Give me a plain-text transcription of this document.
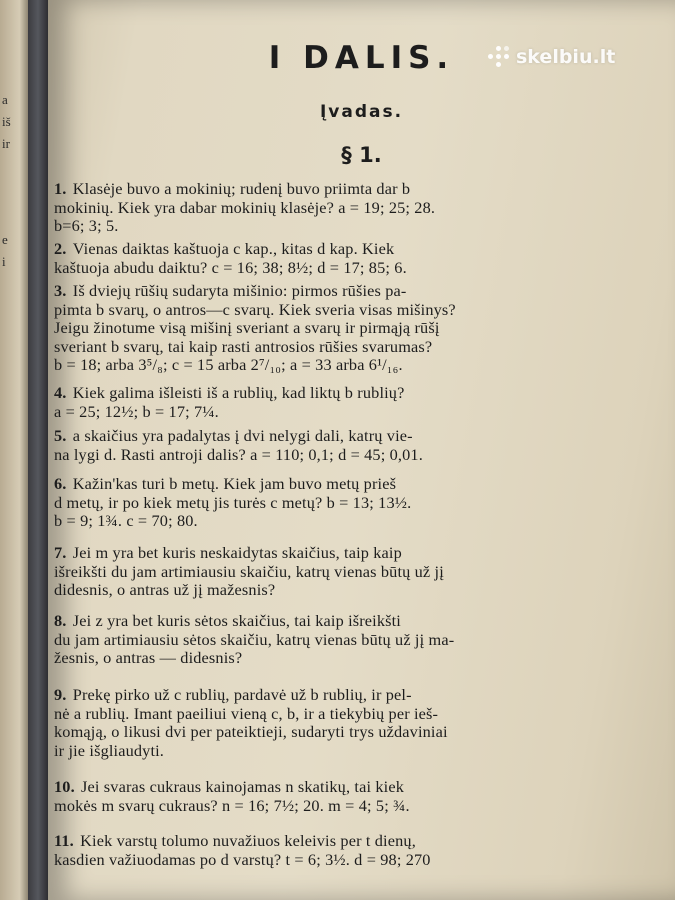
a
iš
ir
e
i
I DALIS.
Įvadas.
§ 1.
1. Klasėje buvo a mokinių; rudenį buvo priimta dar b
mokinių. Kiek yra dabar mokinių klasėje? a = 19; 25; 28.
b=6; 3; 5.
2. Vienas daiktas kaštuoja c kap., kitas d kap. Kiek
kaštuoja abudu daiktu? c = 16; 38; 8½; d = 17; 85; 6.
3. Iš dviejų rūšių sudaryta mišinio: pirmos rūšies pa-
pimta b svarų, o antros—c svarų. Kiek sveria visas mišinys?
Jeigu žinotume visą mišinį sveriant a svarų ir pirmąją rūšį
sveriant b svarų, tai kaip rasti antrosios rūšies svarumas?
b = 18; arba 3⁵/₈; c = 15 arba 2⁷/₁₀; a = 33 arba 6¹/₁₆.
4. Kiek galima išleisti iš a rublių, kad liktų b rublių?
a = 25; 12½; b = 17; 7¼.
5. a skaičius yra padalytas į dvi nelygi dali, katrų vie-
na lygi d. Rasti antroji dalis? a = 110; 0,1; d = 45; 0,01.
6. Kažin'kas turi b metų. Kiek jam buvo metų prieš
d metų, ir po kiek metų jis turės c metų? b = 13; 13½.
b = 9; 1¾. c = 70; 80.
7. Jei m yra bet kuris neskaidytas skaičius, taip kaip
išreikšti du jam artimiausiu skaičiu, katrų vienas būtų už jį
didesnis, o antras už jį mažesnis?
8. Jei z yra bet kuris sėtos skaičius, tai kaip išreikšti
du jam artimiausiu sėtos skaičiu, katrų vienas būtų už jį ma-
žesnis, o antras — didesnis?
9. Prekę pirko už c rublių, pardavė už b rublių, ir pel-
nė a rublių. Imant paeiliui vieną c, b, ir a tiekybių per ieš-
komąją, o likusi dvi per pateiktieji, sudaryti trys uždaviniai
ir jie išgliaudyti.
10. Jei svaras cukraus kainojamas n skatikų, tai kiek
mokės m svarų cukraus? n = 16; 7½; 20. m = 4; 5; ¾.
11. Kiek varstų tolumo nuvažiuos keleivis per t dienų,
kasdien važiuodamas po d varstų? t = 6; 3½. d = 98; 270
skelbiu.lt
